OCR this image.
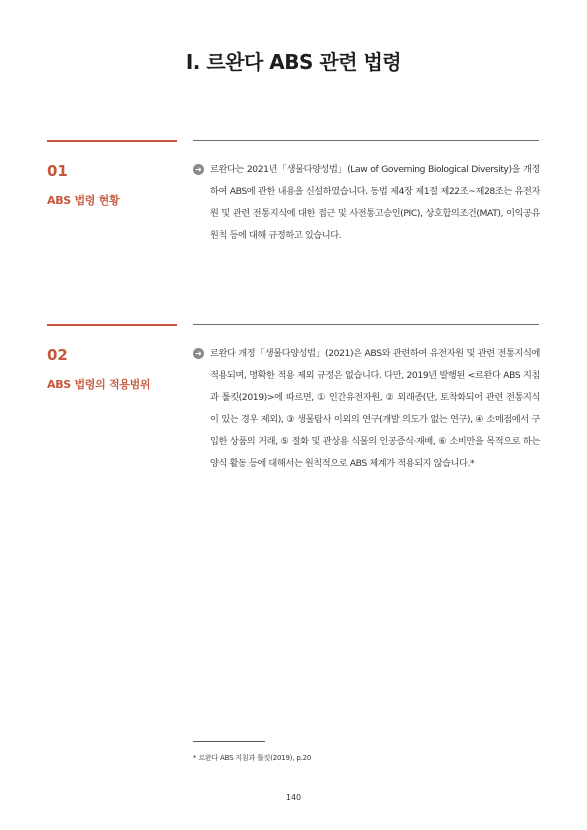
Ⅰ. 르완다 ABS 관련 법령
01
ABS 법령 현황
➔ 르완다는 2021년「생물다양성법」(Law of Governing Biological Diversity)을 개정하여 ABS에 관한 내용을 신설하였습니다. 동법 제4장 제1절 제22조~제28조는 유전자원 및 관련 전통지식에 대한 접근 및 사전통고승인(PIC), 상호합의조건(MAT), 이익공유원칙 등에 대해 규정하고 있습니다.
02
ABS 법령의 적용범위
➔ 르완다 개정「생물다양성법」(2021)은 ABS와 관련하여 유전자원 및 관련 전통지식에 적용되며, 명확한 적용 제외 규정은 없습니다. 다만, 2019년 발행된 <르완다 ABS 지침과 툴킷(2019)>에 따르면, ① 인간유전자원, ② 외래종(단, 토착화되어 관련 전통지식이 있는 경우 제외), ③ 생물탐사 이외의 연구(개발 의도가 없는 연구), ④ 소매점에서 구입한 상품의 거래, ⑤ 절화 및 관상용 식물의 인공증식·재배, ⑥ 소비만을 목적으로 하는 양식 활동 등에 대해서는 원칙적으로 ABS 체계가 적용되지 않습니다.*
* 르완다 ABS 지침과 툴킷(2019), p.20
140
